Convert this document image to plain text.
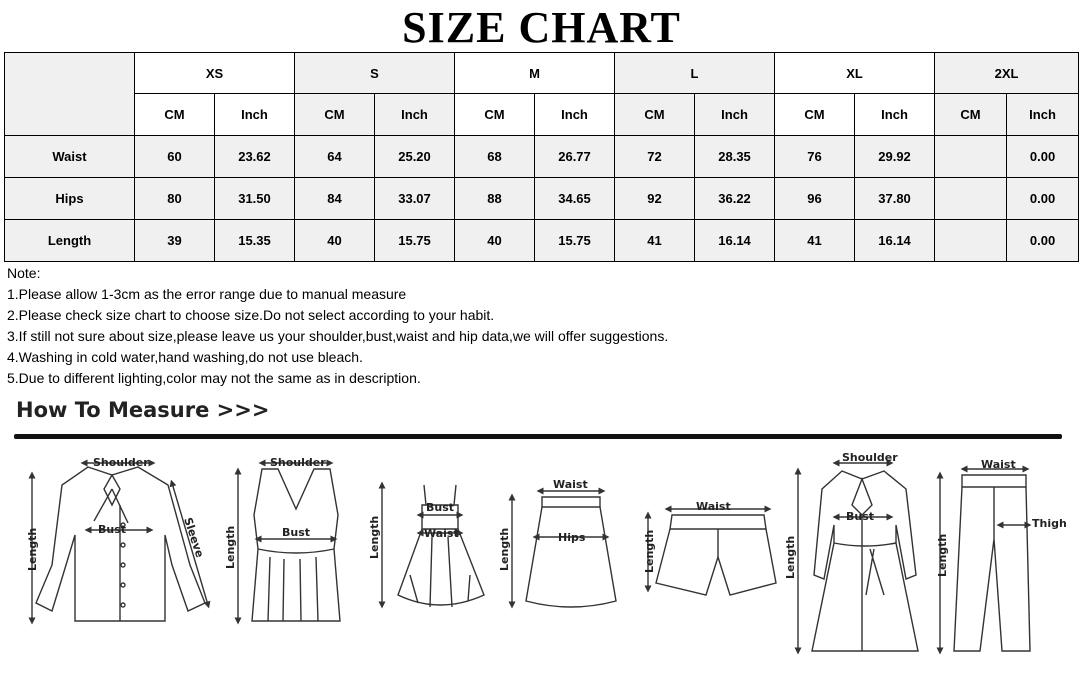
SIZE CHART
	XS		S		M		L		XL		2XL	
	CM	Inch	CM	Inch	CM	Inch	CM	Inch	CM	Inch	CM	Inch
Waist	60	23.62	64	25.20	68	26.77	72	28.35	76	29.92		0.00
Hips	80	31.50	84	33.07	88	34.65	92	36.22	96	37.80		0.00
Length	39	15.35	40	15.75	40	15.75	41	16.14	41	16.14		0.00
Note:
1.Please allow 1-3cm as the error range due to manual measure
2.Please check size chart to choose size.Do not select according to your habit.
3.If still not sure about size,please leave us your shoulder,bust,waist and hip data,we will offer suggestions.
4.Washing in cold water,hand washing,do not use bleach.
5.Due to different lighting,color may not the same as in description.
How To Measure >>>
Shoulder
Bust
Length	Sleeve
Shoulder
Bust
Length
Bust
Waist
Length
Waist
Hips
Length
Waist
Length
Shoulder
Bust
Length
Waist
Thigh
Length
